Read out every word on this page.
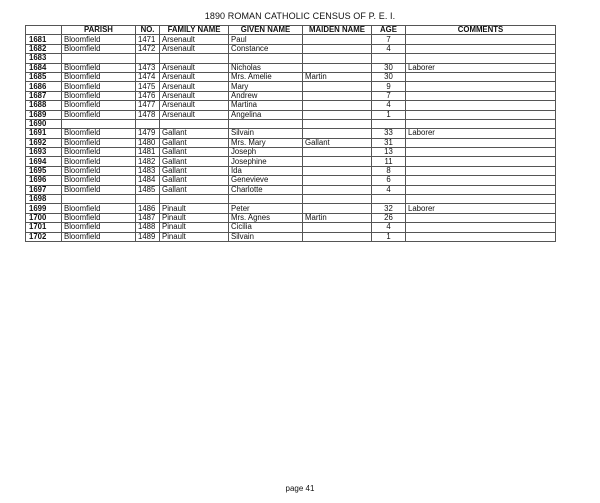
1890 ROMAN CATHOLIC CENSUS OF P. E. I.
	PARISH	NO.	FAMILY NAME	GIVEN NAME	MAIDEN NAME	AGE	COMMENTS
1681	Bloomfield	1471	Arsenault	Paul		7	
1682	Bloomfield	1472	Arsenault	Constance		4	
1683							
1684	Bloomfield	1473	Arsenault	Nicholas		30	Laborer
1685	Bloomfield	1474	Arsenault	Mrs. Amelie	Martin	30	
1686	Bloomfield	1475	Arsenault	Mary		9	
1687	Bloomfield	1476	Arsenault	Andrew		7	
1688	Bloomfield	1477	Arsenault	Martina		4	
1689	Bloomfield	1478	Arsenault	Angelina		1	
1690							
1691	Bloomfield	1479	Gallant	Silvain		33	Laborer
1692	Bloomfield	1480	Gallant	Mrs. Mary	Gallant	31	
1693	Bloomfield	1481	Gallant	Joseph		13	
1694	Bloomfield	1482	Gallant	Josephine		11	
1695	Bloomfield	1483	Gallant	Ida		8	
1696	Bloomfield	1484	Gallant	Genevieve		6	
1697	Bloomfield	1485	Gallant	Charlotte		4	
1698							
1699	Bloomfield	1486	Pinault	Peter		32	Laborer
1700	Bloomfield	1487	Pinault	Mrs. Agnes	Martin	26	
1701	Bloomfield	1488	Pinault	Cicilia		4	
1702	Bloomfield	1489	Pinault	Silvain		1	
page 41
